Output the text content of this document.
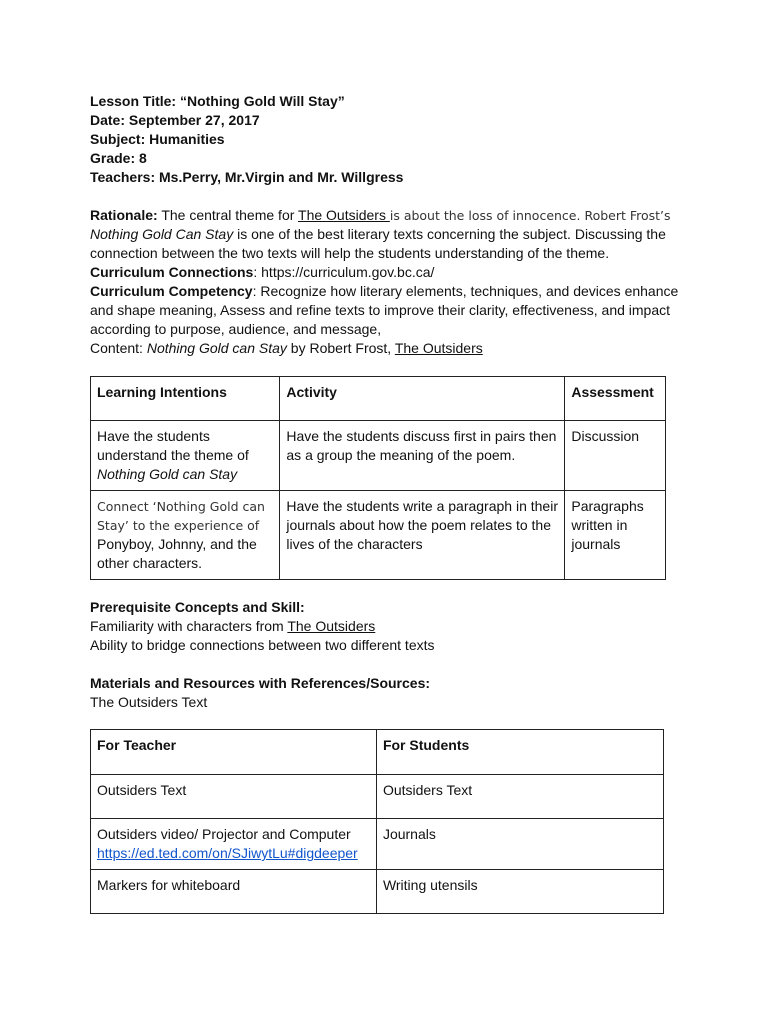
Lesson Title: “Nothing Gold Will Stay”
Date: September 27, 2017
Subject: Humanities
Grade: 8
Teachers: Ms.Perry, Mr.Virgin and Mr. Willgress
Rationale: The central theme for The Outsiders is about the loss of innocence. Robert Frost’s
Nothing Gold Can Stay is one of the best literary texts concerning the subject. Discussing the
connection between the two texts will help the students understanding of the theme.
Curriculum Connections: https://curriculum.gov.bc.ca/
Curriculum Competency: Recognize how literary elements, techniques, and devices enhance
and shape meaning, Assess and refine texts to improve their clarity, effectiveness, and impact
according to purpose, audience, and message,
Content: Nothing Gold can Stay by Robert Frost, The Outsiders
Learning Intentions	Activity	Assessment

Have the students
understand the theme of
Nothing Gold can Stay	Have the students discuss first in pairs then
as a group the meaning of the poem.	Discussion

Connect ‘Nothing Gold can
Stay’ to the experience of
Ponyboy, Johnny, and the
other characters.	Have the students write a paragraph in their
journals about how the poem relates to the
lives of the characters	Paragraphs
written in
journals
Prerequisite Concepts and Skill:
Familiarity with characters from The Outsiders
Ability to bridge connections between two different texts
Materials and Resources with References/Sources:
The Outsiders Text
For Teacher	For Students
Outsiders Text	Outsiders Text

Outsiders video/ Projector and Computer
https://ed.ted.com/on/SJiwytLu#digdeeper	Journals
Markers for whiteboard	Writing utensils
